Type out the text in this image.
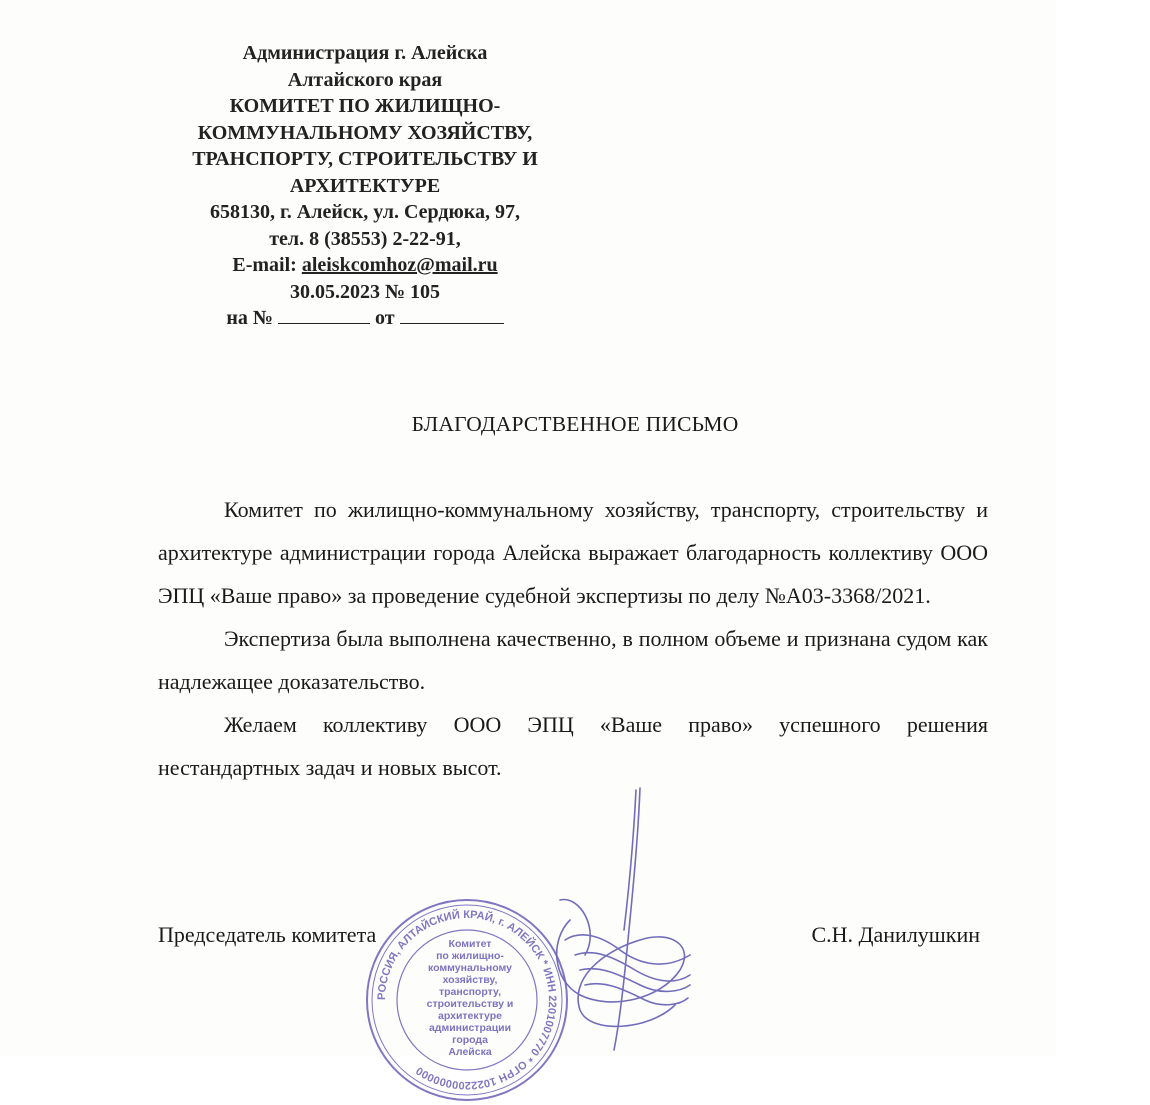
Администрация г. Алейска
Алтайского края
КОМИТЕТ ПО ЖИЛИЩНО-
КОММУНАЛЬНОМУ ХОЗЯЙСТВУ,
ТРАНСПОРТУ, СТРОИТЕЛЬСТВУ И
АРХИТЕКТУРЕ
658130, г. Алейск, ул. Сердюка, 97,
тел. 8 (38553) 2-22-91,
E-mail: aleiskcomhoz@mail.ru
30.05.2023 № 105
на №	от
БЛАГОДАРСТВЕННОЕ ПИСЬМО

Комитет по жилищно-коммунальному хозяйству, транспорту, строительству и архитектуре администрации города Алейска выражает благодарность коллективу ООО ЭПЦ «Ваше право» за проведение судебной экспертизы по делу №А03-3368/2021.

Экспертиза была выполнена качественно, в полном объеме и признана судом как надлежащее доказательство.

Желаем коллективу ООО ЭПЦ «Ваше право» успешного решения нестандартных задач и новых высот.

РОССИЯ, АЛТАЙСКИЙ КРАЙ, г. АЛЕЙСК * ИНН 2201007770 * ОГРН 1022200000000
Комитет
по жилищно-
коммунальному
хозяйству,
транспорту,
строительству и
архитектуре
администрации
города
Алейска
Председатель комитета	С.Н. Данилушкин
